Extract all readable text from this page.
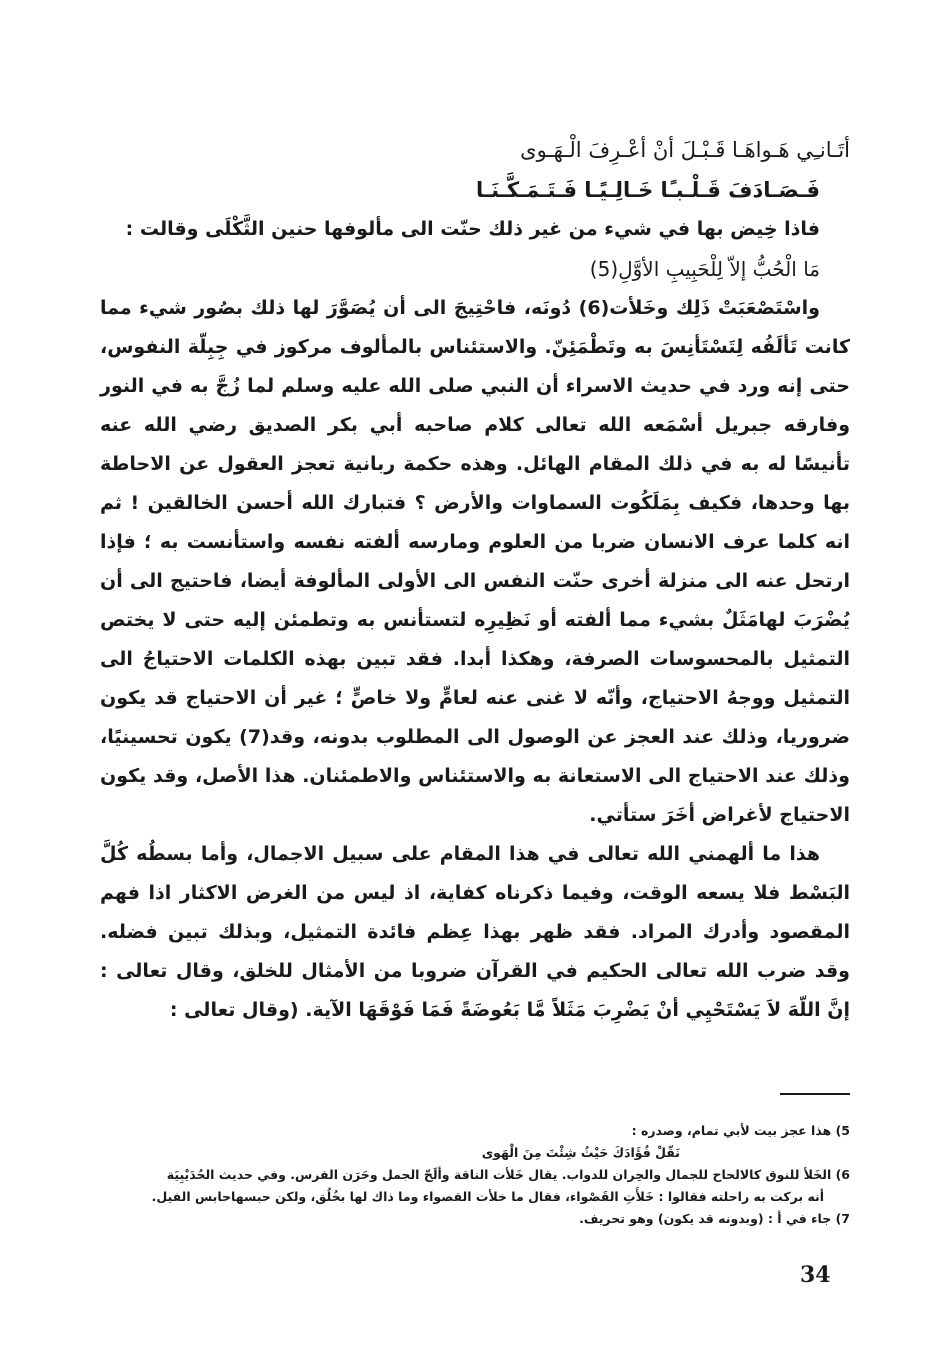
أتَـانـِي هَـواهَـا قَـبْـلَ أنْ أعْـرِفَ الْـهَـوى

فَـصَـادَفَ قَـلْـبـًا خَـالِـيًـا فَـتَـمَـكَّـنَـا

فاذا خِيض بها في شيء من غير ذلك حنّت الى مألوفها حنين الثَّكْلَى وقالت :

مَا الْحُبُّ إلاّ لِلْحَبِيبِ الأوَّلِ(5)

واسْتَصْعَبَتْ ذَلِك وخَلأت(6) دُونَه، فاحْتِيجَ الى أن يُصَوَّرَ لها ذلك بصُور شيء مما كانت تَألَفُه لِتَسْتَأنِسَ به وتَطْمَئِنّ. والاستئناس بالمألوف مركوز في جِبِلّة النفوس، حتى إنه ورد في حديث الاسراء أن النبي صلى الله عليه وسلم لما زُجَّ به في النور وفارقه جبريل أسْمَعه الله تعالى كلام صاحبه أبي بكر الصديق رضي الله عنه تأنيسًا له به في ذلك المقام الهائل. وهذه حكمة ربانية تعجز العقول عن الاحاطة بها وحدها، فكيف بِمَلَكُوت السماوات والأرض ؟ فتبارك الله أحسن الخالقين ! ثم انه كلما عرف الانسان ضربا من العلوم ومارسه ألفته نفسه واستأنست به ؛ فإذا ارتحل عنه الى منزلة أخرى حنّت النفس الى الأولى المألوفة أيضا، فاحتيج الى أن يُضْرَبَ لهامَثَلٌ بشيء مما ألفته أو نَظِيرِه لتستأنس به وتطمئن إليه حتى لا يختص التمثيل بالمحسوسات الصرفة، وهكذا أبدا. فقد تبين بهذه الكلمات الاحتياجُ الى التمثيل ووجهُ الاحتياج، وأنّه لا غنى عنه لعامٍّ ولا خاصٍّ ؛ غير أن الاحتياج قد يكون ضروريا، وذلك عند العجز عن الوصول الى المطلوب بدونه، وقد(7) يكون تحسينيًا، وذلك عند الاحتياج الى الاستعانة به والاستئناس والاطمئنان. هذا الأصل، وقد يكون الاحتياج لأغراض أخَرَ ستأتي.

هذا ما ألهمني الله تعالى في هذا المقام على سبيل الاجمال، وأما بسطُه كُلَّ البَسْط فلا يسعه الوقت، وفيما ذكرناه كفاية، اذ ليس من الغرض الاكثار اذا فهم المقصود وأدرك المراد. فقد ظهر بهذا عِظم فائدة التمثيل، وبذلك تبين فضله. وقد ضرب الله تعالى الحكيم في القرآن ضروبا من الأمثال للخلق، وقال تعالى : إنَّ اللّهَ لاَ يَسْتَحْيِي أنْ يَضْرِبَ مَثَلاً مَّا بَعُوضَةً فَمَا فَوْقَهَا الآية. (وقال تعالى :

5) هذا عجز بيت لأبي تمام، وصدره :

نَقّلْ فُؤَادَكَ حَيْثُ شِئْتَ مِنَ الْهَوى

6) الخَلأ للنوق كالالحاح للجمال والحِران للدواب. يقال خَلأت الناقة وألَحّ الجمل وحَرَن الفرس. وفي حديث الحُدَيْبِيَة

أنه بركت به راحلته فقالوا : خَلأَتِ القَصْواء، فقال ما خلأت القصواء وما ذاك لها بخُلُق، ولكن حبسهاحابس الفيل.

7) جاء في أ : (وبدونه قد يكون) وهو تحريف.

34
